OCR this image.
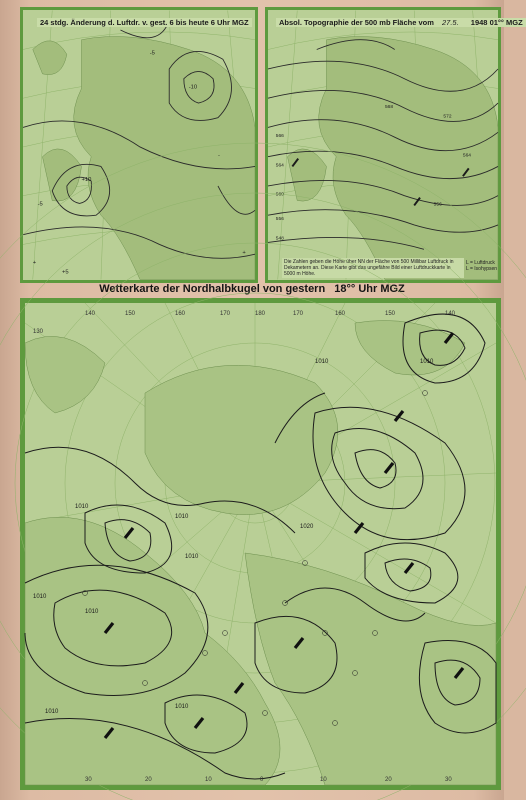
+10
-10
-5
+
+
-
-5
+5
24 stdg. Änderung d. Luftdr. v. gest. 6 bis heute 6 Uhr MGZ
566
564
560
556
548
568
572
564
556
Absol. Topographie der 500 mb Fläche vom 27.5. 1948 01°° MGZ
Die Zahlen geben die Höhe über NN der Fläche von 500 Millibar Luftdruck in Dekametern an. Diese Karte gibt das ungefähre Bild einer Luftdruckkarte in 5000 m Höhe.
L = Luftdruck
L = Isohypsen
Wetterkarte der Nordhalbkugel von gestern 18°° Uhr MGZ
1010	1010
1010
1010
1010
1010
1010
1010
1010
1020
130
140	150	160	170	180	170	160	150	140
30	20	10	0	10	20	30
